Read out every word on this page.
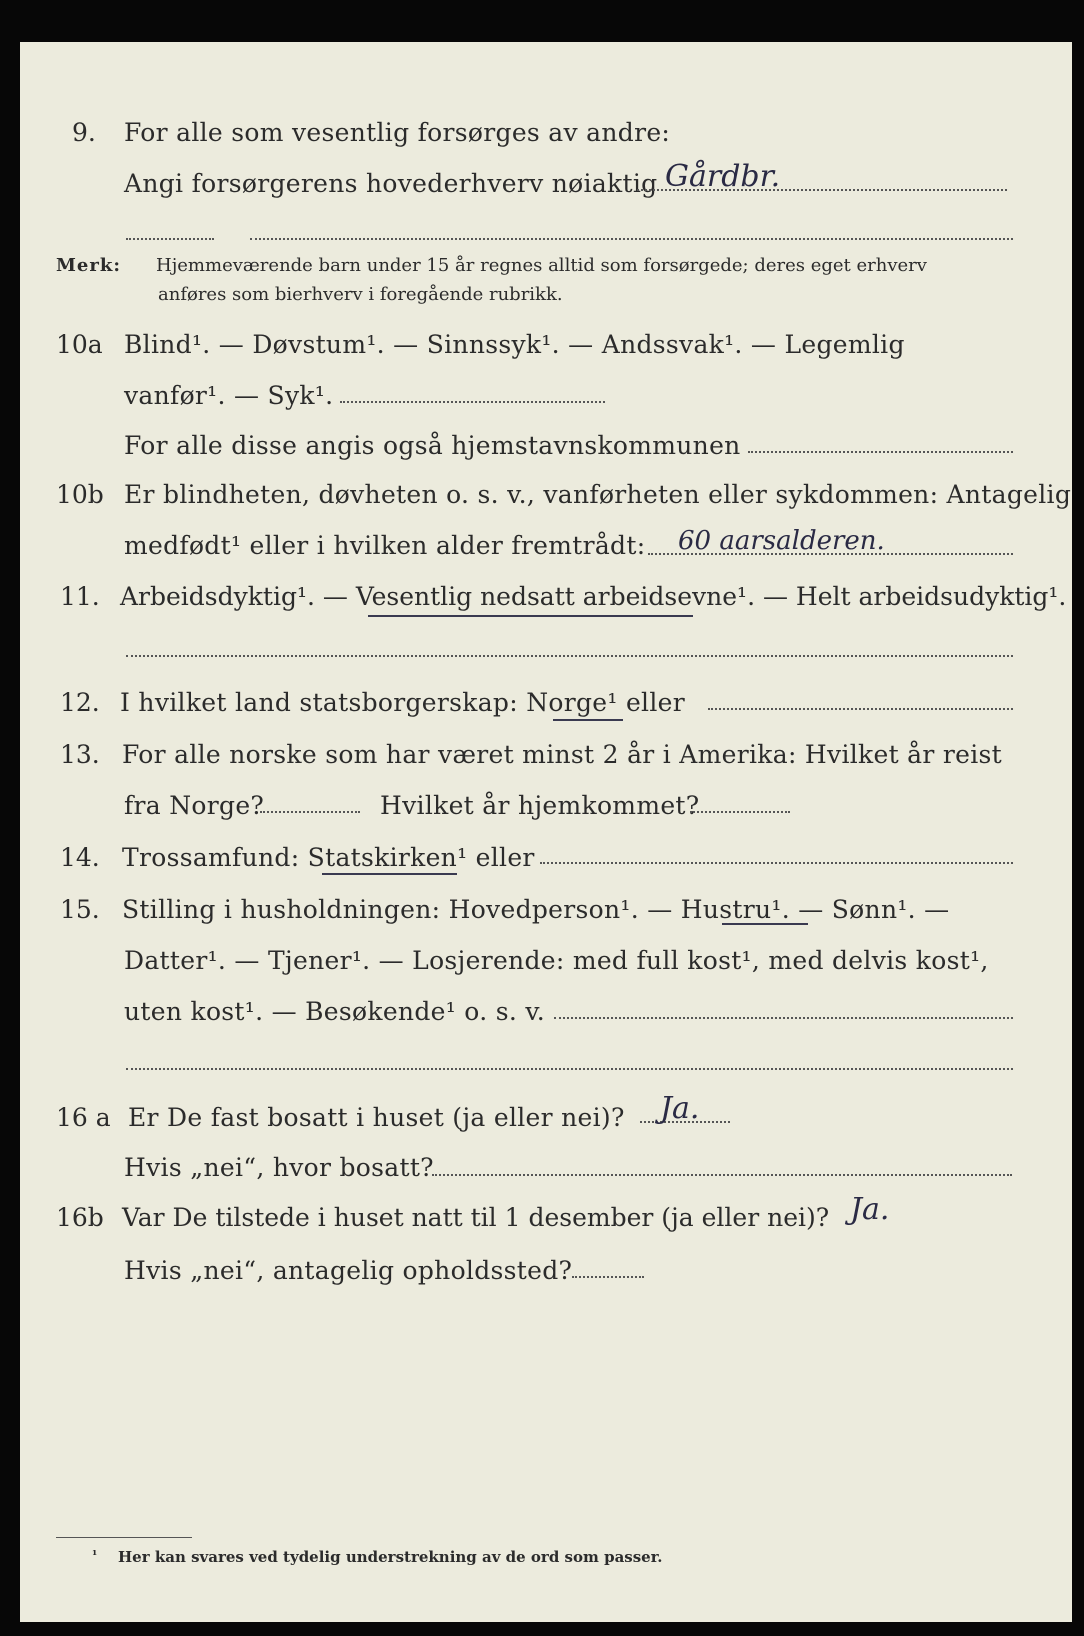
9. For alle som vesentlig forsørges av andre:
Angi forsørgerens hovederhverv nøiaktig Gårdbr.
Merk: Hjemmeværende barn under 15 år regnes alltid som forsørgede; deres eget erhverv
anføres som bierhverv i foregående rubrikk.
10a Blind¹. — Døvstum¹. — Sinnssyk¹. — Andssvak¹. — Legemlig
vanfør¹. — Syk¹.
For alle disse angis også hjemstavnskommunen
10b Er blindheten, døvheten o. s. v., vanførheten eller sykdommen: Antagelig
medfødt¹ eller i hvilken alder fremtrådt: 60 aarsalderen.
11. Arbeidsdyktig¹. — Vesentlig nedsatt arbeidsevne¹. — Helt arbeidsudyktig¹.
12. I hvilket land statsborgerskap: Norge¹ eller
13. For alle norske som har været minst 2 år i Amerika: Hvilket år reist
fra Norge?	Hvilket år hjemkommet?
14. Trossamfund: Statskirken¹ eller
15. Stilling i husholdningen: Hovedperson¹. — Hustru¹. — Sønn¹. —
Datter¹. — Tjener¹. — Losjerende: med full kost¹, med delvis kost¹,
uten kost¹. — Besøkende¹ o. s. v.
16 a Er De fast bosatt i huset (ja eller nei)? Ja.
Hvis „nei“, hvor bosatt?
16b Var De tilstede i huset natt til 1 desember (ja eller nei)? Ja.
Hvis „nei“, antagelig opholdssted?
¹ Her kan svares ved tydelig understrekning av de ord som passer.
